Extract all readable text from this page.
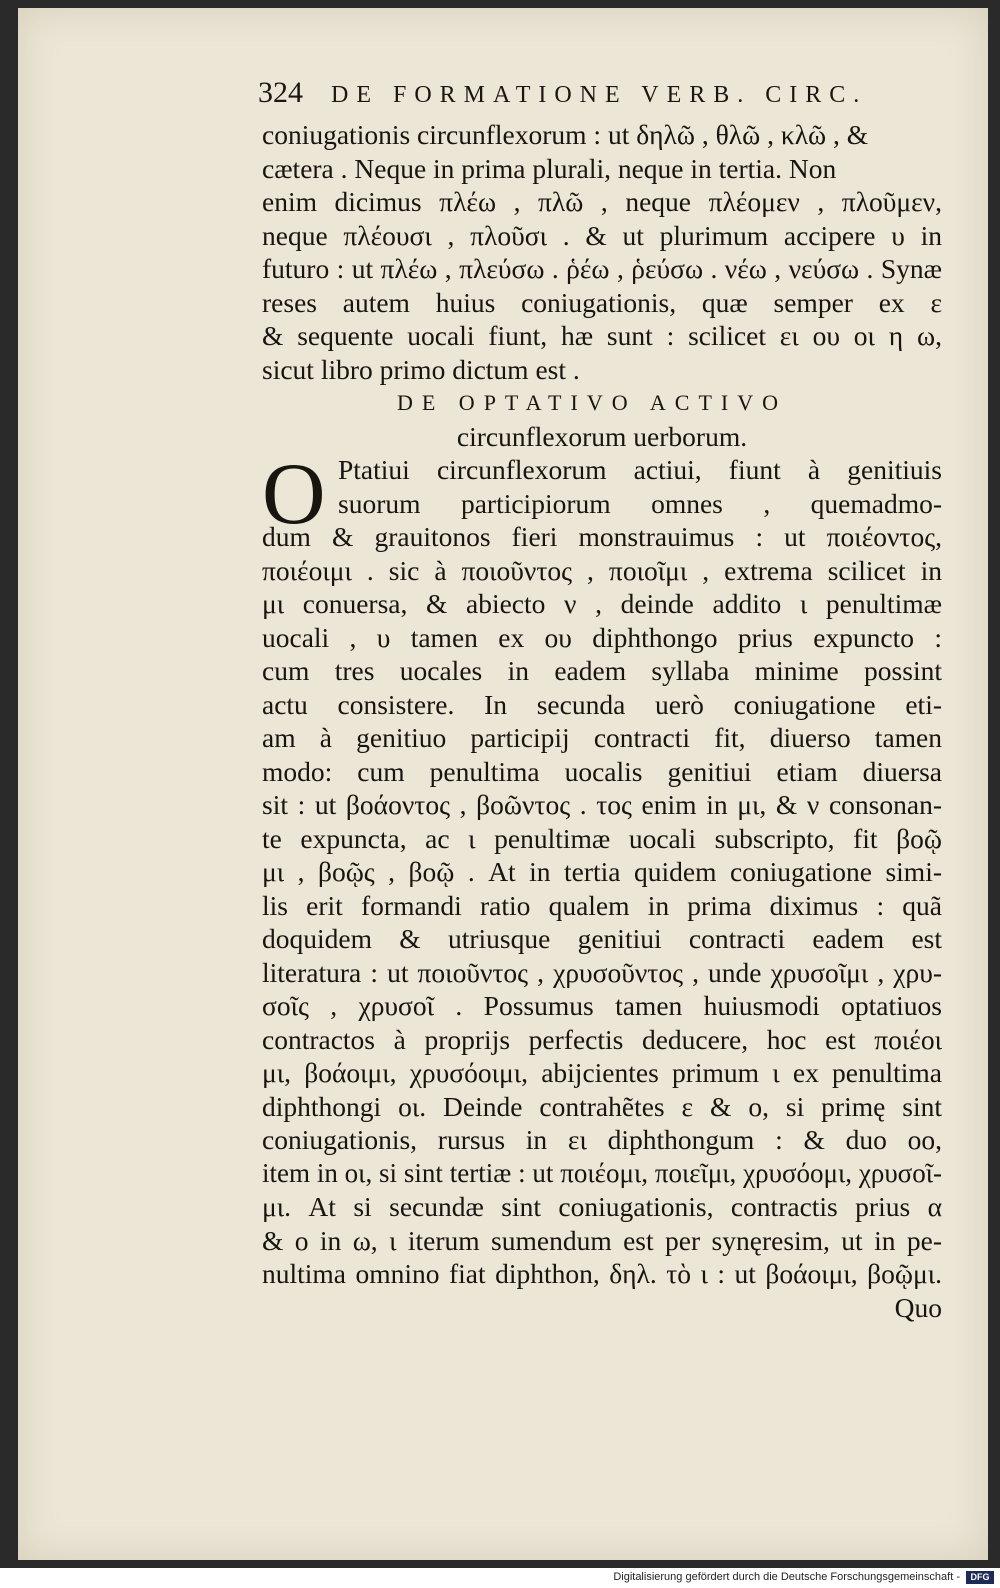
324 DE FORMATIONE VERB. CIRC.
coniugationis circunflexorum : ut δηλῶ , θλῶ , κλῶ , & cætera . Neque in prima plurali, neque in tertia. Non
enim dicimus πλέω , πλῶ , neque πλέομεν , πλοῦμεν,
neque πλέουσι , πλοῦσι . & ut plurimum accipere υ in
futuro : ut πλέω , πλεύσω . ῥέω , ῥεύσω . νέω , νεύσω . Synæ
reses autem huius coniugationis, quæ semper ex ε
& sequente uocali fiunt, hæ sunt : scilicet ει ου οι η ω,
sicut libro primo dictum est .
DE OPTATIVO ACTIVO
circunflexorum uerborum.
O Ptatiui circunflexorum actiui, fiunt à genitiuis
suorum participiorum omnes , quemadmo-
dum & grauitonos fieri monstrauimus : ut ποιέοντος,
ποιέοιμι . sic à ποιοῦντος , ποιοῖμι , extrema scilicet in
μι conuersa, & abiecto ν , deinde addito ι penultimæ
uocali , υ tamen ex ου diphthongo prius expuncto :
cum tres uocales in eadem syllaba minime possint
actu consistere. In secunda uerò coniugatione eti-
am à genitiuo participij contracti fit, diuerso tamen
modo: cum penultima uocalis genitiui etiam diuersa
sit : ut βοάοντος , βοῶντος . τος enim in μι, & ν consonan-
te expuncta, ac ι penultimæ uocali subscripto, fit βοῷ
μι , βοῷς , βοῷ . At in tertia quidem coniugatione simi-
lis erit formandi ratio qualem in prima diximus : quã
doquidem & utriusque genitiui contracti eadem est
literatura : ut ποιοῦντος , χρυσοῦντος , unde χρυσοῖμι , χρυ-
σοῖς , χρυσοῖ . Possumus tamen huiusmodi optatiuos
contractos à proprijs perfectis deducere, hoc est ποιέοι
μι, βοάοιμι, χρυσόοιμι, abijcientes primum ι ex penultima
diphthongi οι. Deinde contrahẽtes ε & ο, si primę sint
coniugationis, rursus in ει diphthongum : & duo οο,
item in οι, si sint tertiæ : ut ποιέομι, ποιεῖμι, χρυσόομι, χρυσοῖ-
μι. At si secundæ sint coniugationis, contractis prius α
& ο in ω, ι iterum sumendum est per synęresim, ut in pe-
nultima omnino fiat diphthon, δηλ. τὸ ι : ut βοάοιμι, βοῷμι.
Quo
Digitalisierung gefördert durch die Deutsche Forschungsgemeinschaft -	DFG
